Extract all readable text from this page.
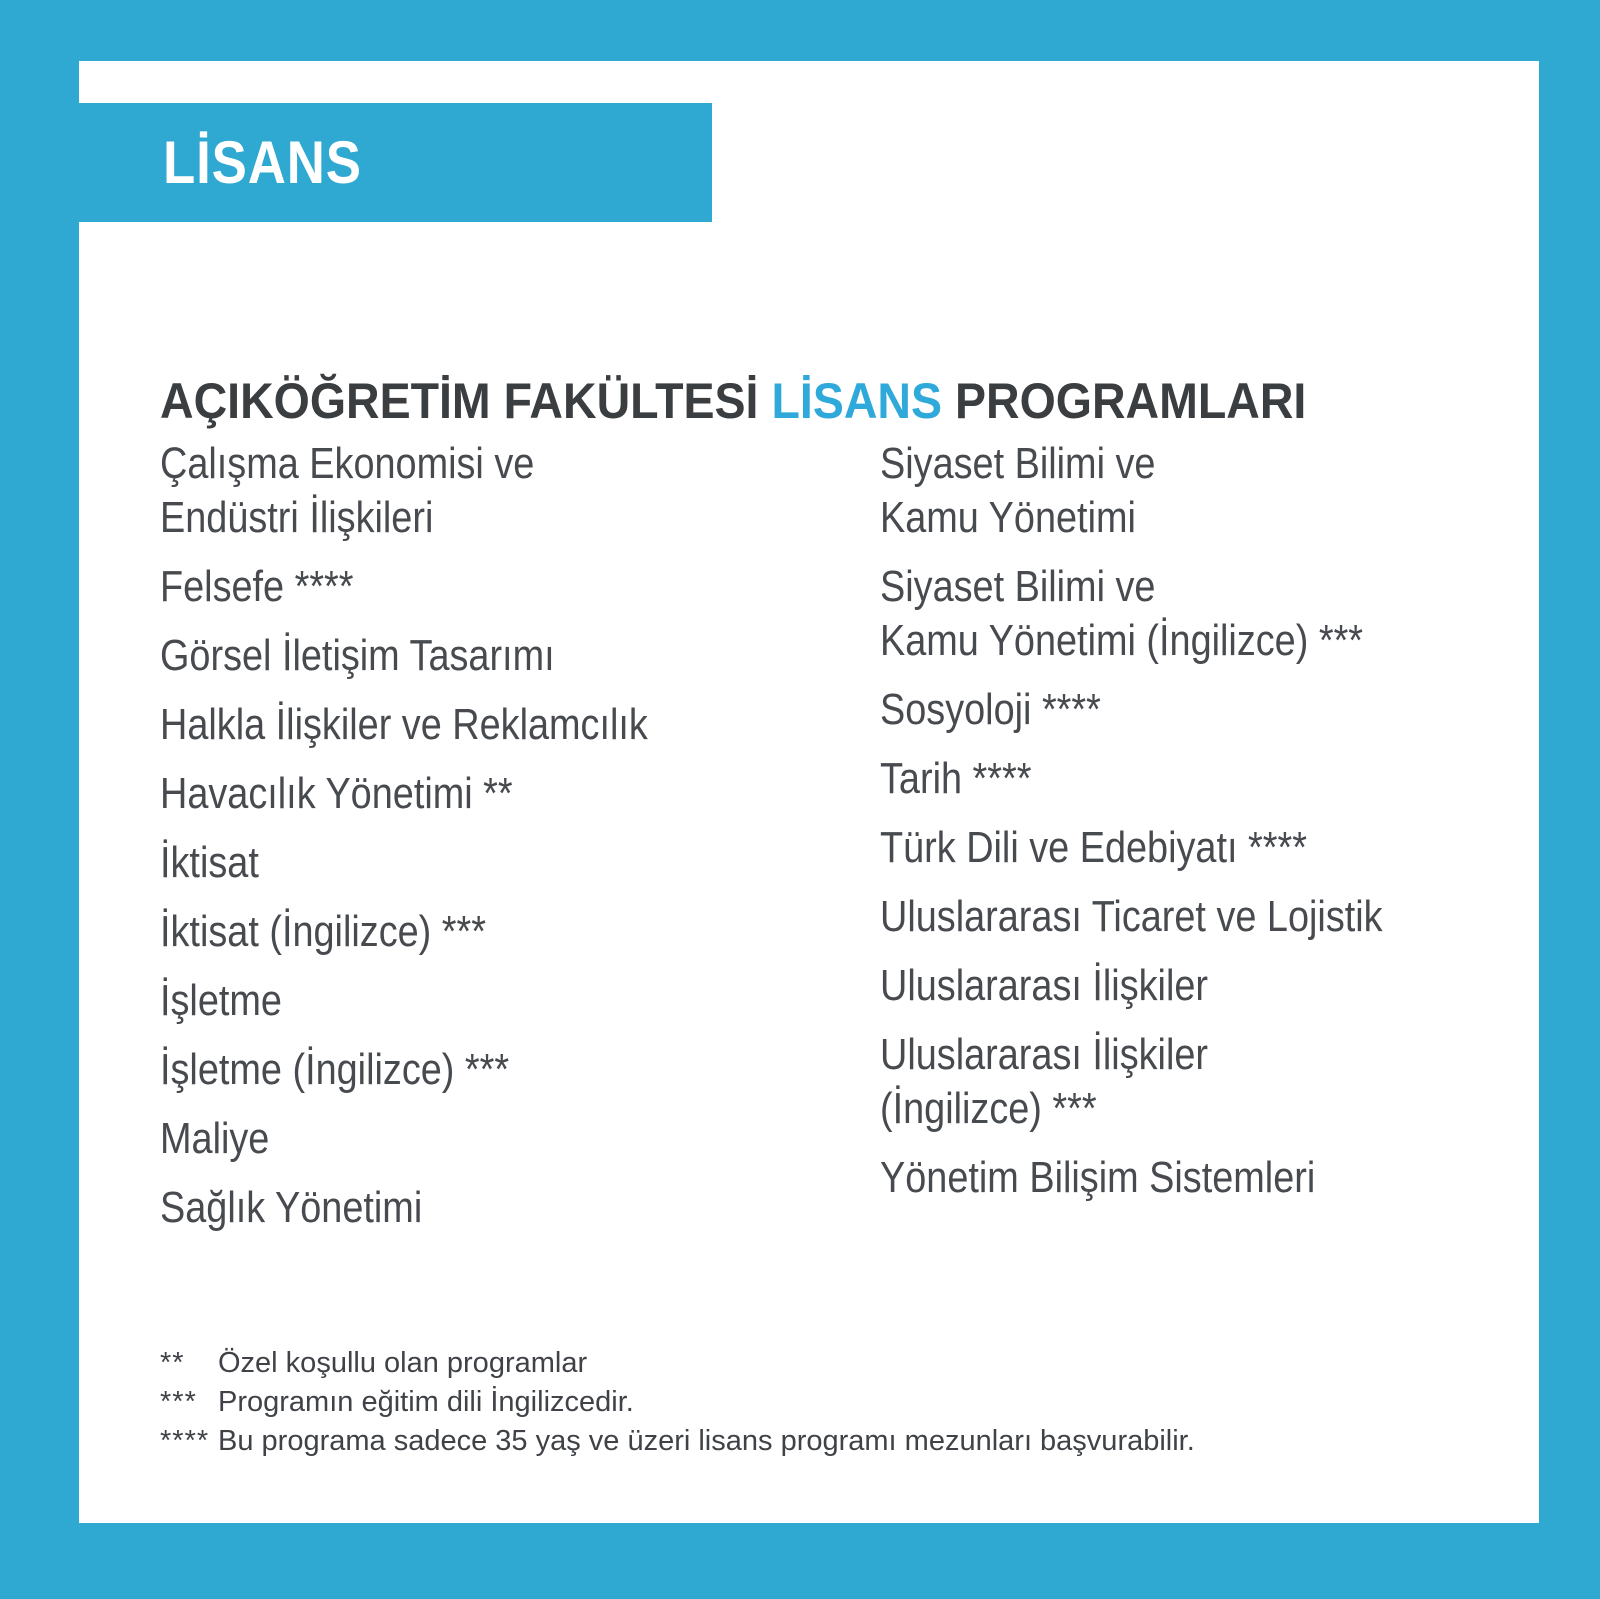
LİSANS
AÇIKÖĞRETİM FAKÜLTESİ LİSANS PROGRAMLARI
Çalışma Ekonomisi ve
Endüstri İlişkileri
Felsefe ****
Görsel İletişim Tasarımı
Halkla İlişkiler ve Reklamcılık
Havacılık Yönetimi **
İktisat
İktisat (İngilizce) ***
İşletme
İşletme (İngilizce) ***
Maliye
Sağlık Yönetimi
Siyaset Bilimi ve
Kamu Yönetimi
Siyaset Bilimi ve
Kamu Yönetimi (İngilizce) ***
Sosyoloji ****
Tarih ****
Türk Dili ve Edebiyatı ****
Uluslararası Ticaret ve Lojistik
Uluslararası İlişkiler
Uluslararası İlişkiler
(İngilizce) ***
Yönetim Bilişim Sistemleri
**	Özel koşullu olan programlar
*** Programın eğitim dili İngilizcedir.
**** Bu programa sadece 35 yaş ve üzeri lisans programı mezunları başvurabilir.
